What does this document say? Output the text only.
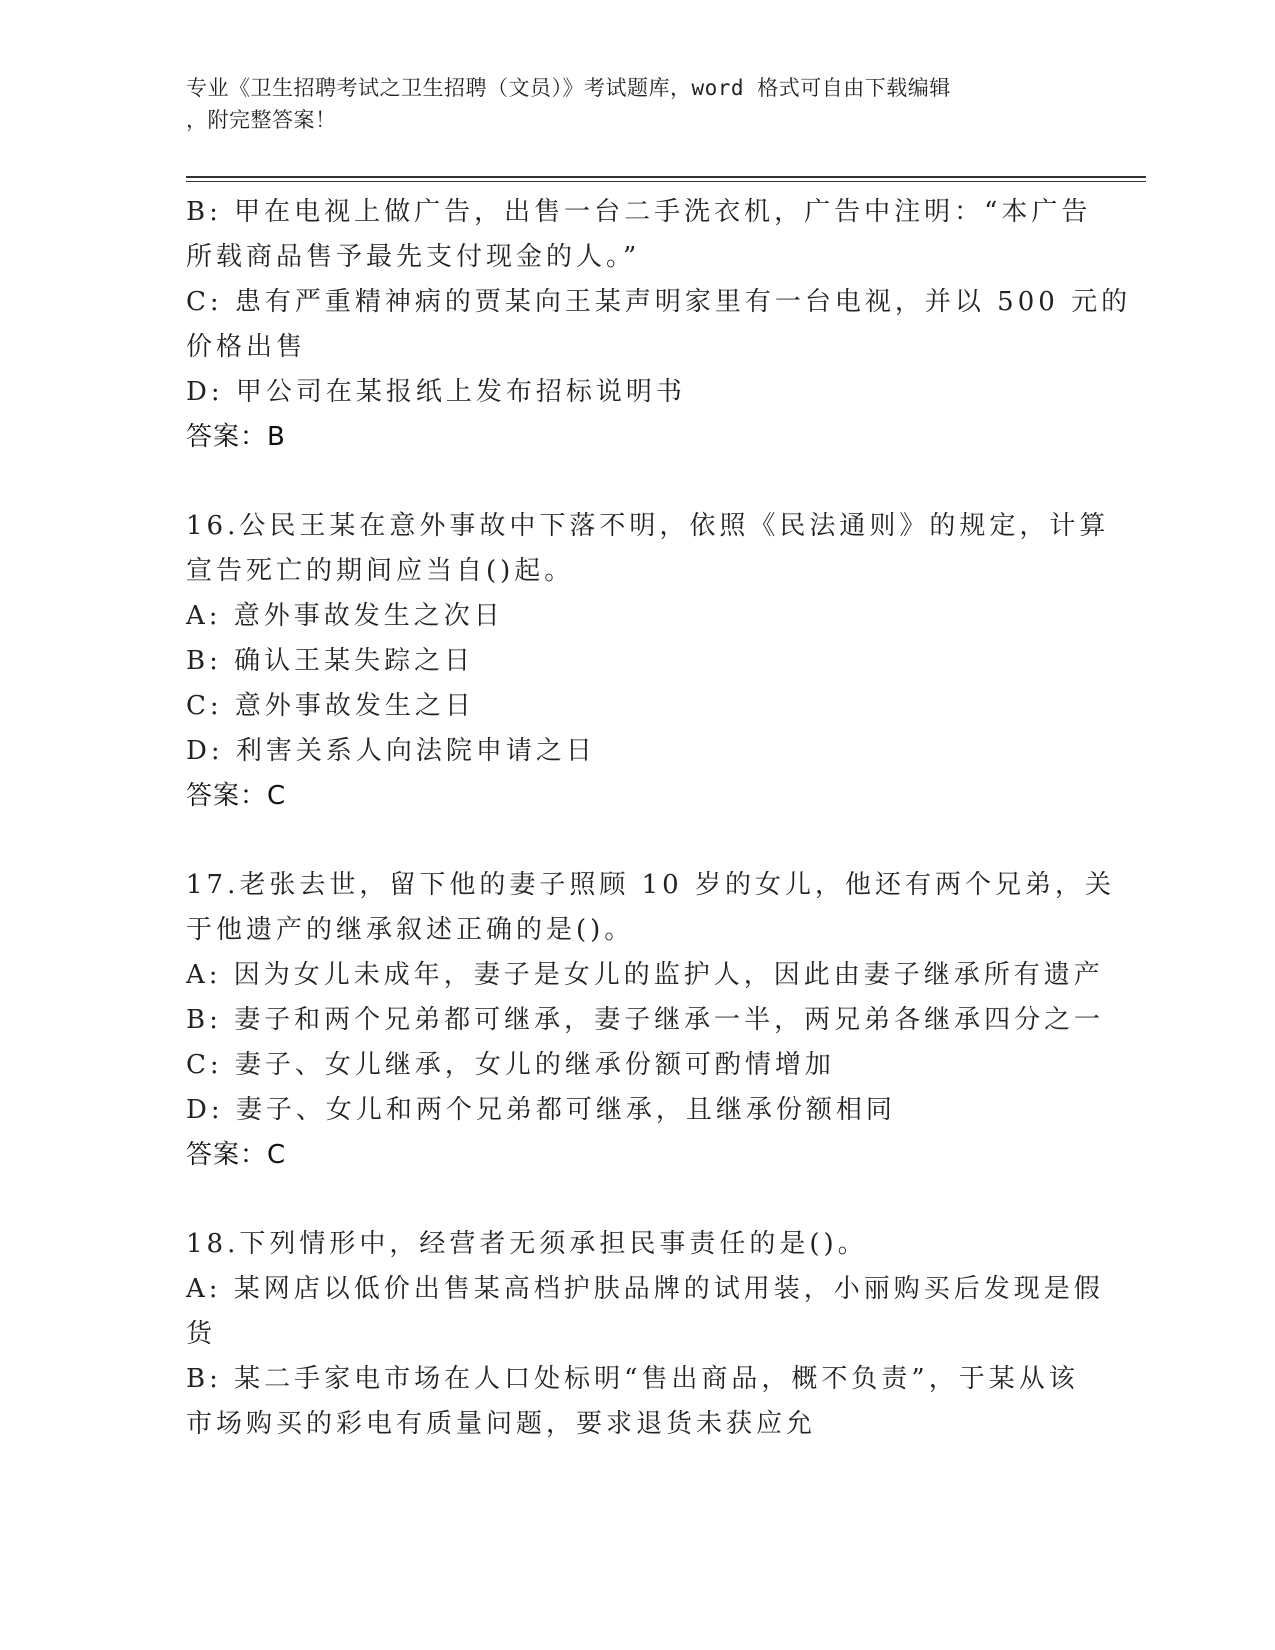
专业《卫生招聘考试之卫生招聘（文员）》考试题库，word 格式可自由下载编辑
，附完整答案！
B: 甲在电视上做广告，出售一台二手洗衣机，广告中注明：“本广告
所载商品售予最先支付现金的人。”
C: 患有严重精神病的贾某向王某声明家里有一台电视，并以 500 元的
价格出售
D: 甲公司在某报纸上发布招标说明书
答案：B
16.公民王某在意外事故中下落不明，依照《民法通则》的规定，计算
宣告死亡的期间应当自()起。
A: 意外事故发生之次日
B: 确认王某失踪之日
C: 意外事故发生之日
D: 利害关系人向法院申请之日
答案：C
17.老张去世，留下他的妻子照顾 10 岁的女儿，他还有两个兄弟，关
于他遗产的继承叙述正确的是()。
A: 因为女儿未成年，妻子是女儿的监护人，因此由妻子继承所有遗产
B: 妻子和两个兄弟都可继承，妻子继承一半，两兄弟各继承四分之一
C: 妻子、女儿继承，女儿的继承份额可酌情增加
D: 妻子、女儿和两个兄弟都可继承，且继承份额相同
答案：C
18.下列情形中，经营者无须承担民事责任的是()。
A: 某网店以低价出售某高档护肤品牌的试用装，小丽购买后发现是假
货
B: 某二手家电市场在人口处标明“售出商品，概不负责”，于某从该
市场购买的彩电有质量问题，要求退货未获应允
